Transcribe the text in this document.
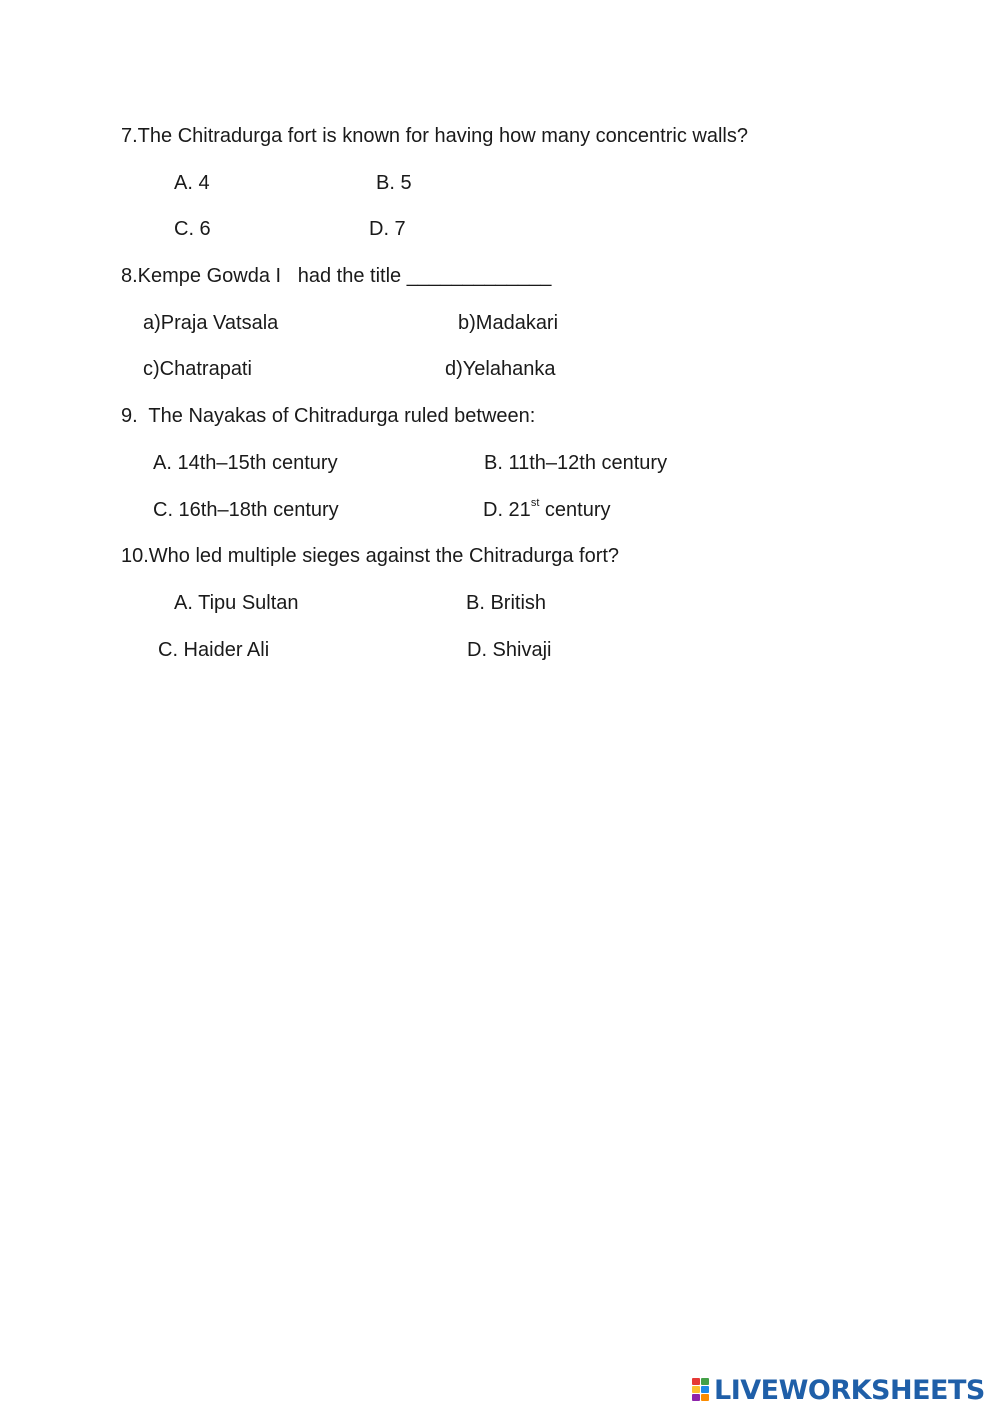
7.The Chitradurga fort is known for having how many concentric walls?
A. 4	B. 5
C. 6	D. 7
8.Kempe Gowda I   had the title _____________
a)Praja Vatsala	b)Madakari
c)Chatrapati	d)Yelahanka
9.  The Nayakas of Chitradurga ruled between:
A. 14th–15th century	B. 11th–12th century
C. 16th–18th century	D. 21st century
10.Who led multiple sieges against the Chitradurga fort?
A. Tipu Sultan	B. British
C. Haider Ali	D. Shivaji
LIVEWORKSHEETS
